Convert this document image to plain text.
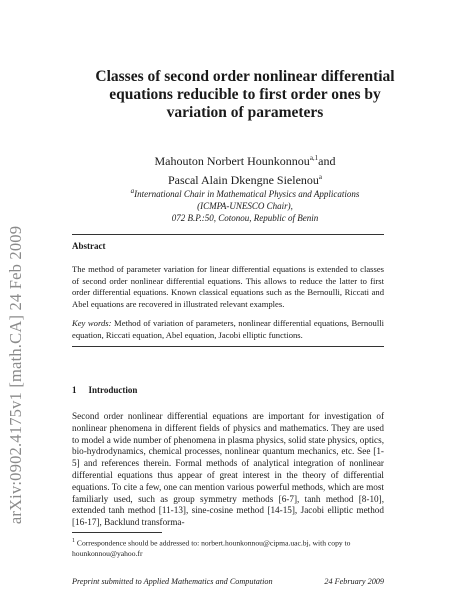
arXiv:0902.4175v1 [math.CA] 24 Feb 2009
Classes of second order nonlinear differential
equations reducible to first order ones by
variation of parameters
Mahouton Norbert Hounkonnou$^{a,1}$and
Pascal Alain Dkengne Sielenou$^a$
$^a$International Chair in Mathematical Physics and Applications
(ICMPA-UNESCO Chair),
072 B.P.:50, Cotonou, Republic of Benin
Abstract
The method of parameter variation for linear differential equations is extended to classes of second order nonlinear differential equations. This allows to reduce the latter to first order differential equations. Known classical equations such as the Bernoulli, Riccati and Abel equations are recovered in illustrated relevant examples.
Key words: Method of variation of parameters, nonlinear differential equations, Bernoulli equation, Riccati equation, Abel equation, Jacobi elliptic functions.
1 Introduction
Second order nonlinear differential equations are important for investigation of nonlinear phenomena in different fields of physics and mathematics. They are used to model a wide number of phenomena in plasma physics, solid state physics, optics, bio-hydrodynamics, chemical processes, nonlinear quantum mechanics, etc. See [1-5] and references therein. Formal methods of analytical integration of nonlinear differential equations thus appear of great interest in the theory of differential equations. To cite a few, one can mention various powerful methods, which are most familiarly used, such as group symmetry methods [6-7], tanh method [8-10], extended tanh method [11-13], sine-cosine method [14-15], Jacobi elliptic method [16-17], Backlund transforma-
$^1$ Correspondence should be addressed to: norbert.hounkonnou@cipma.uac.bj, with copy to hounkonnou@yahoo.fr
Preprint submitted to Applied Mathematics and Computation	24 February 2009
